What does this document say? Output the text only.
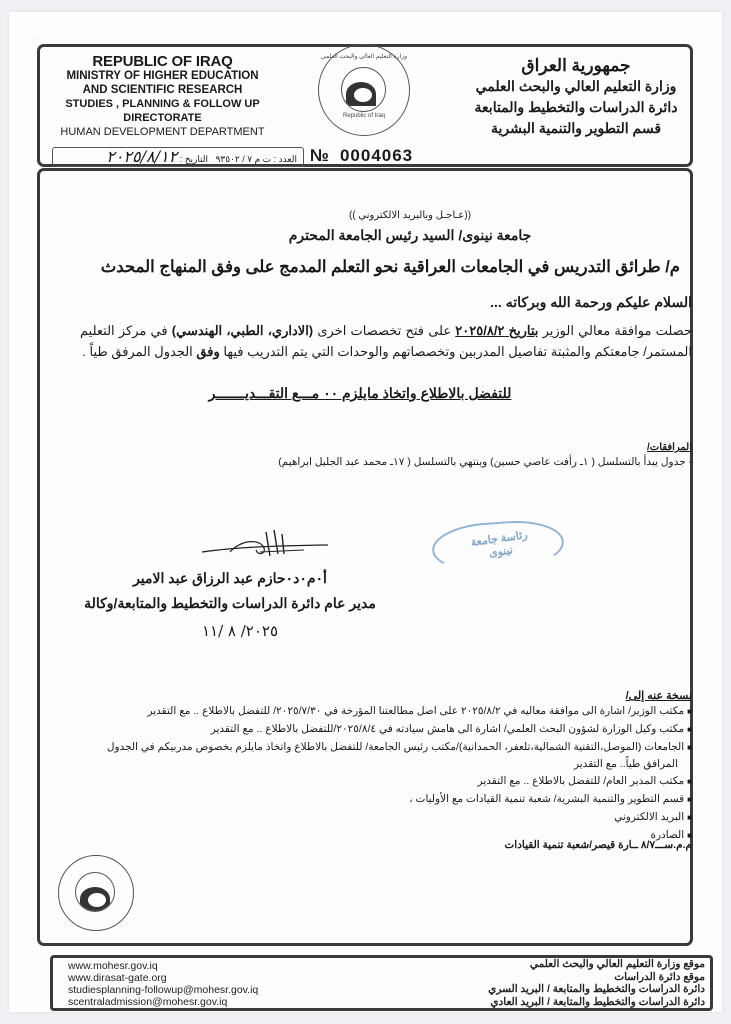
.........
REPUBLIC OF IRAQ
MINISTRY OF HIGHER EDUCATION
AND SCIENTIFIC RESEARCH
STUDIES , PLANNING & FOLLOW UP DIRECTORATE
HUMAN DEVELOPMENT DEPARTMENT
جمهورية العراق
وزارة التعليم العالي والبحث العلمي
دائرة الدراسات والتخطيط والمتابعة
قسم التطوير والتنمية البشرية
وزارة التعليم العالي والبحث العلمي
Republic of Iraq
العدد : ت م ٧ / ٩٣٥٠٢   التاريخ : ٢٠٢٥/٨/١٢	№ 0004063
((عـاجـل وبالبريد الالكتروني ))
جامعة نينوى/ السيد رئيس الجامعة المحترم
م/ طرائق التدريس في الجامعات العراقية نحو التعلم المدمج على وفق المنهاج المحدث
السلام عليكم ورحمة الله وبركاته ...
حصلت موافقة معالي الوزير بتاريخ ٢٠٢٥/٨/٢ على فتح تخصصات اخرى (الاداري، الطبي، الهندسي) في مركز التعليم المستمر/ جامعتكم والمثبتة تفاصيل المدربين وتخصصاتهم والوحدات التي يتم التدريب فيها وفق الجدول المرفق طياً .
للتفضل بالاطلاع واتخاذ مايلزم ٠٠ مـــع التقـــديـــــــر
المرافقات/
- جدول يبدأ بالتسلسل ( ١ـ رأفت عاصي حسين) وينتهي بالتسلسل ( ١٧ـ محمد عبد الجليل ابراهيم)
أ٠م٠د٠حازم عبد الرزاق عبد الامير
مدير عام دائرة الدراسات والتخطيط والمتابعة/وكالة
٢٠٢٥/ ٨ /١١
رئاسة جامعة نينوى
نسخة عنه إلى/
■مكتب الوزير/ اشارة الى موافقة معاليه في ٢٠٢٥/٨/٢ على اصل مطالعتنا المؤرخة في ٢٠٢٥/٧/٣٠/ للتفضل بالاطلاع .. مع التقدير
■مكتب وكيل الوزارة لشؤون البحث العلمي/ اشارة الى هامش سيادته في ٢٠٢٥/٨/٤/للتفضل بالاطلاع .. مع التقدير
■الجامعات (الموصل،التقنية الشمالية،تلعفر، الحمدانية)/مكتب رئيس الجامعة/ للتفضل بالاطلاع واتخاذ مايلزم بخصوص مدربيكم في الجدول
المرافق طياً.. مع التقدير
■مكتب المدير العام/ للتفضل بالاطلاع .. مع التقدير
■قسم التطوير والتنمية البشرية/ شعبة تنمية القيادات مع الأوليات ،
■البريد الالكتروني
■الصادرة
م.م.ســـ٨/٧ ــارة قيصر/شعبة تنمية القيادات
www.mohesr.gov.iq
www.dirasat-gate.org
studiesplanning-followup@mohesr.gov.iq
scentraladmission@mohesr.gov.iq
موقع وزارة التعليم العالي والبحث العلمي
موقع دائرة الدراسات
دائرة الدراسات والتخطيط والمتابعة / البريد السري
دائرة الدراسات والتخطيط والمتابعة / البريد العادي
